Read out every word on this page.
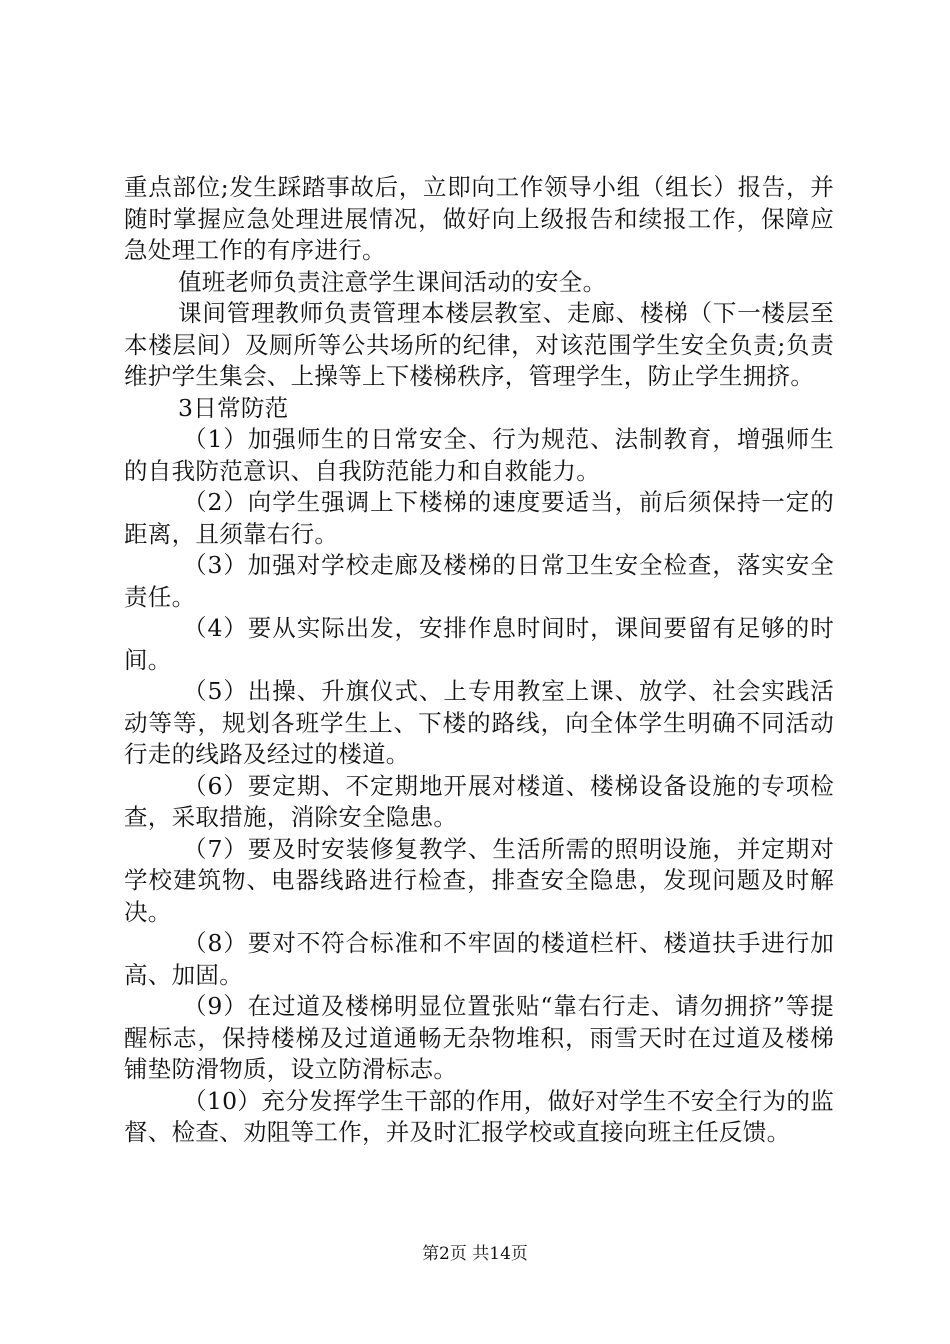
重点部位;发生踩踏事故后，立即向工作领导小组（组长）报告，并随时掌握应急处理进展情况，做好向上级报告和续报工作，保障应急处理工作的有序进行。

值班老师负责注意学生课间活动的安全。

课间管理教师负责管理本楼层教室、走廊、楼梯（下一楼层至本楼层间）及厕所等公共场所的纪律，对该范围学生安全负责;负责维护学生集会、上操等上下楼梯秩序，管理学生，防止学生拥挤。

3日常防范

（1）加强师生的日常安全、行为规范、法制教育，增强师生的自我防范意识、自我防范能力和自救能力。

（2）向学生强调上下楼梯的速度要适当，前后须保持一定的距离，且须靠右行。

（3）加强对学校走廊及楼梯的日常卫生安全检查，落实安全责任。

（4）要从实际出发，安排作息时间时，课间要留有足够的时间。

（5）出操、升旗仪式、上专用教室上课、放学、社会实践活动等等，规划各班学生上、下楼的路线，向全体学生明确不同活动行走的线路及经过的楼道。

（6）要定期、不定期地开展对楼道、楼梯设备设施的专项检查，采取措施，消除安全隐患。

（7）要及时安装修复教学、生活所需的照明设施，并定期对学校建筑物、电器线路进行检查，排查安全隐患，发现问题及时解决。

（8）要对不符合标准和不牢固的楼道栏杆、楼道扶手进行加高、加固。

（9）在过道及楼梯明显位置张贴“靠右行走、请勿拥挤”等提醒标志，保持楼梯及过道通畅无杂物堆积，雨雪天时在过道及楼梯铺垫防滑物质，设立防滑标志。

（10）充分发挥学生干部的作用，做好对学生不安全行为的监督、检查、劝阻等工作，并及时汇报学校或直接向班主任反馈。

第2页 共14页
